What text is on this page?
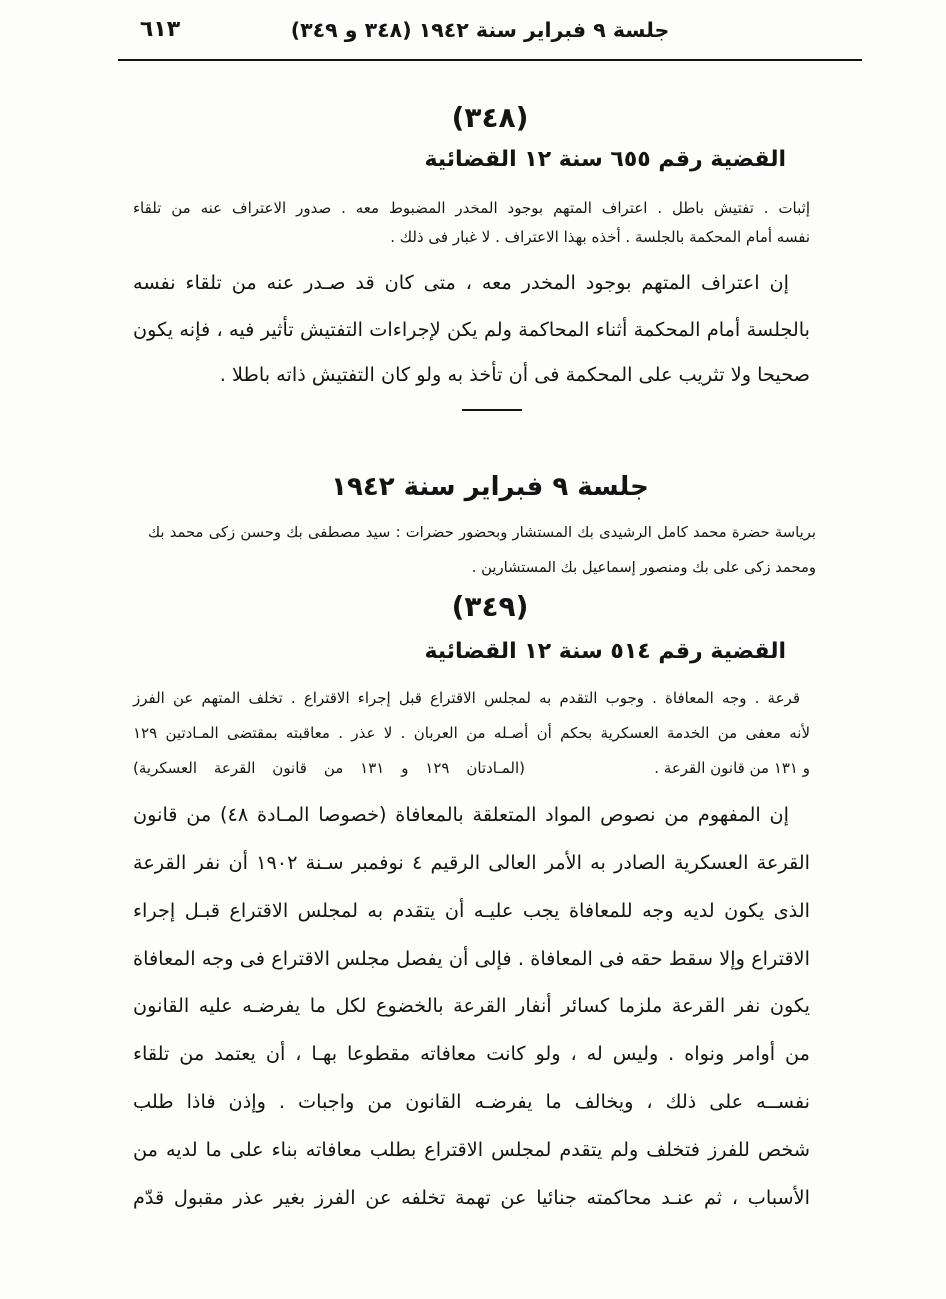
جلسة ٩ فبراير سنة ١٩٤٢ (٣٤٨ و ٣٤٩)
٦١٣
(٣٤٨)
القضية رقم ٦٥٥ سنة ١٢ القضائية
إثبات . تفتيش باطل . اعتراف المتهم بوجود المخدر المضبوط معه . صدور الاعتراف عنه من تلقاء
نفسه أمام المحكمة بالجلسة . أخذه بهذا الاعتراف . لا غبار فى ذلك .
إن اعتراف المتهم بوجود المخدر معه ، متى كان قد صـدر عنه من تلقاء نفسه
بالجلسة أمام المحكمة أثناء المحاكمة ولم يكن لإجراءات التفتيش تأثير فيه ، فإنه يكون
صحيحا ولا تثريب على المحكمة فى أن تأخذ به ولو كان التفتيش ذاته باطلا .
جلسة ٩ فبراير سنة ١٩٤٢
برياسة حضرة محمد كامل الرشيدى بك المستشار وبحضور حضرات : سيد مصطفى بك وحسن زكى محمد بك
ومحمد زكى على بك ومنصور إسماعيل بك المستشارين .
(٣٤٩)
القضية رقم ٥١٤ سنة ١٢ القضائية
قرعة . وجه المعافاة . وجوب التقدم به لمجلس الاقتراع قبل إجراء الاقتراع . تخلف المتهم عن الفرز
لأنه معفى من الخدمة العسكرية بحكم أن أصـله من العربان . لا عذر . معاقبته بمقتضى المـادتين ١٢٩
و ١٣١ من قانون القرعة .
(المـادتان ١٢٩ و ١٣١ من قانون القرعة العسكرية)
إن المفهوم من نصوص المواد المتعلقة بالمعافاة (خصوصا المـادة ٤٨) من قانون
القرعة العسكرية الصادر به الأمر العالى الرقيم ٤ نوفمبر سـنة ١٩٠٢ أن نفر القرعة
الذى يكون لديه وجه للمعافاة يجب عليـه أن يتقدم به لمجلس الاقتراع قبـل إجراء
الاقتراع وإلا سقط حقه فى المعافاة . فإلى أن يفصل مجلس الاقتراع فى وجه المعافاة
يكون نفر القرعة ملزما كسائر أنفار القرعة بالخضوع لكل ما يفرضـه عليه القانون
من أوامر ونواه . وليس له ، ولو كانت معافاته مقطوعا بهـا ، أن يعتمد من تلقاء
نفســه على ذلك ، ويخالف ما يفرضـه القانون من واجبات . وإذن فاذا طلب
شخص للفرز فتخلف ولم يتقدم لمجلس الاقتراع بطلب معافاته بناء على ما لديه من
الأسباب ، ثم عنـد محاكمته جنائيا عن تهمة تخلفه عن الفرز بغير عذر مقبول قدّم
